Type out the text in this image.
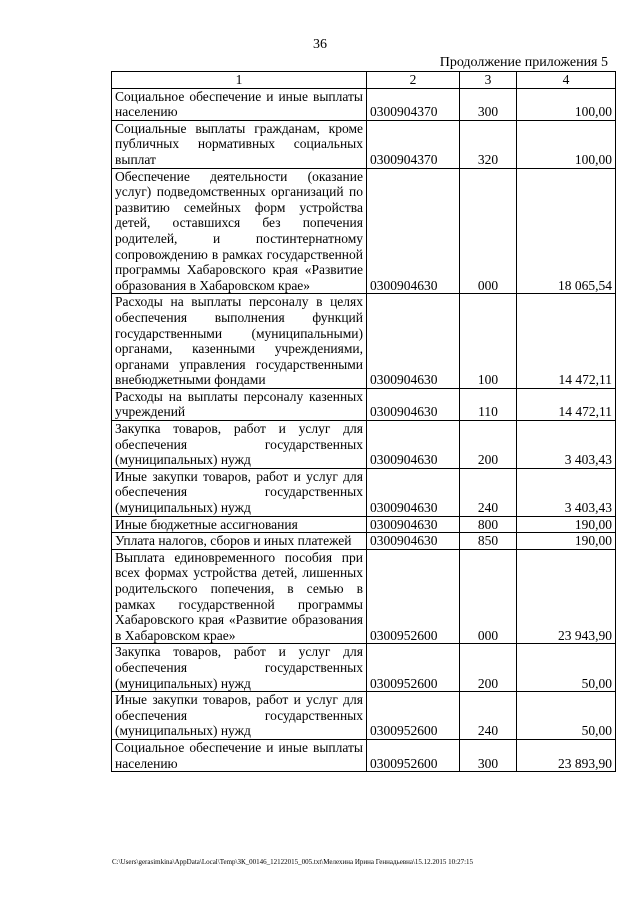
36
Продолжение приложения 5
1	2	3	4
Социальное обеспечение и иные выплаты населению	0300904370	300	100,00
Социальные выплаты гражданам, кроме публичных нормативных социальных выплат	0300904370	320	100,00
Обеспечение деятельности (оказание услуг) подведомственных организаций по развитию семейных форм устройства детей, оставшихся без попечения родителей, и постинтернатному сопровождению в рамках государственной программы Хабаровского края «Развитие образования в Хабаровском крае»	0300904630	000	18 065,54
Расходы на выплаты персоналу в целях обеспечения выполнения функций государственными (муниципальными) органами, казенными учреждениями, органами управления государственными внебюджетными фондами	0300904630	100	14 472,11
Расходы на выплаты персоналу казенных учреждений	0300904630	110	14 472,11
Закупка товаров, работ и услуг для обеспечения государственных (муниципальных) нужд	0300904630	200	3 403,43
Иные закупки товаров, работ и услуг для обеспечения государственных (муниципальных) нужд	0300904630	240	3 403,43
Иные бюджетные ассигнования	0300904630	800	190,00
Уплата налогов, сборов и иных платежей	0300904630	850	190,00
Выплата единовременного пособия при всех формах устройства детей, лишенных родительского попечения, в семью в рамках государственной программы Хабаровского края «Развитие образования в Хабаровском крае»	0300952600	000	23 943,90
Закупка товаров, работ и услуг для обеспечения государственных (муниципальных) нужд	0300952600	200	50,00
Иные закупки товаров, работ и услуг для обеспечения государственных (муниципальных) нужд	0300952600	240	50,00
Социальное обеспечение и иные выплаты населению	0300952600	300	23 893,90
C:\Users\gerasimkina\AppData\Local\Temp\ЗК_00146_12122015_005.txt\Мелехина Ирина Геннадьевна\15.12.2015 10:27:15
